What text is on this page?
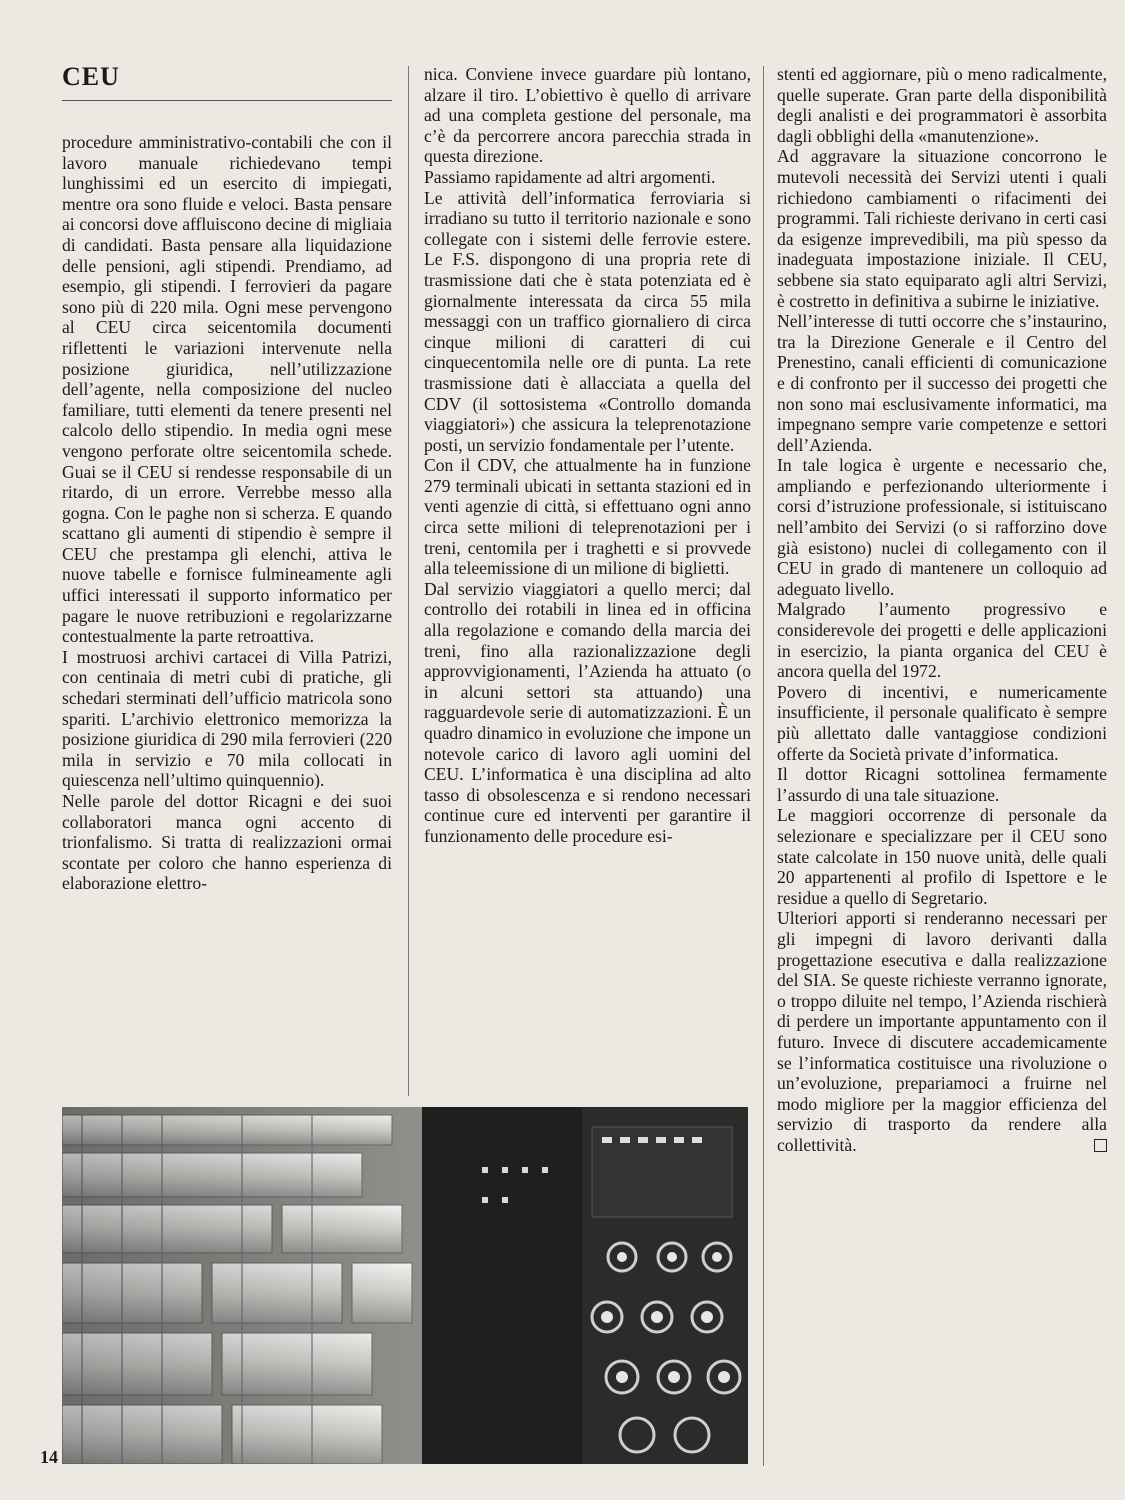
CEU

procedure amministrativo-contabili che con il lavoro manuale richiedevano tempi lunghissimi ed un esercito di impiegati, mentre ora sono fluide e veloci. Basta pensare ai concorsi dove affluiscono decine di migliaia di candidati. Basta pensare alla liquidazione delle pensioni, agli stipendi. Prendiamo, ad esempio, gli stipendi. I ferrovieri da pagare sono più di 220 mila. Ogni mese pervengono al CEU circa seicentomila documenti riflettenti le variazioni intervenute nella posizione giuridica, nell’utilizzazione dell’agente, nella composizione del nucleo familiare, tutti elementi da tenere presenti nel calcolo dello stipendio. In media ogni mese vengono perforate oltre seicentomila schede. Guai se il CEU si rendesse responsabile di un ritardo, di un errore. Verrebbe messo alla gogna. Con le paghe non si scherza. E quando scattano gli aumenti di stipendio è sempre il CEU che prestampa gli elenchi, attiva le nuove tabelle e fornisce fulmineamente agli uffici interessati il supporto informatico per pagare le nuove retribuzioni e regolarizzarne contestualmente la parte retroattiva.

I mostruosi archivi cartacei di Villa Patrizi, con centinaia di metri cubi di pratiche, gli schedari sterminati dell’ufficio matricola sono spariti. L’archivio elettronico memorizza la posizione giuridica di 290 mila ferrovieri (220 mila in servizio e 70 mila collocati in quiescenza nell’ultimo quinquennio).

Nelle parole del dottor Ricagni e dei suoi collaboratori manca ogni accento di trionfalismo. Si tratta di realizzazioni ormai scontate per coloro che hanno esperienza di elaborazione elettro-

nica. Conviene invece guardare più lontano, alzare il tiro. L’obiettivo è quello di arrivare ad una completa gestione del personale, ma c’è da percorrere ancora parecchia strada in questa direzione.

Passiamo rapidamente ad altri argomenti.

Le attività dell’informatica ferroviaria si irradiano su tutto il territorio nazionale e sono collegate con i sistemi delle ferrovie estere. Le F.S. dispongono di una propria rete di trasmissione dati che è stata potenziata ed è giornalmente interessata da circa 55 mila messaggi con un traffico giornaliero di circa cinque milioni di caratteri di cui cinquecentomila nelle ore di punta. La rete trasmissione dati è allacciata a quella del CDV (il sottosistema «Controllo domanda viaggiatori») che assicura la teleprenotazione posti, un servizio fondamentale per l’utente.

Con il CDV, che attualmente ha in funzione 279 terminali ubicati in settanta stazioni ed in venti agenzie di città, si effettuano ogni anno circa sette milioni di teleprenotazioni per i treni, centomila per i traghetti e si provvede alla teleemissione di un milione di biglietti.

Dal servizio viaggiatori a quello merci; dal controllo dei rotabili in linea ed in officina alla regolazione e comando della marcia dei treni, fino alla razionalizzazione degli approvvigionamenti, l’Azienda ha attuato (o in alcuni settori sta attuando) una ragguardevole serie di automatizzazioni. È un quadro dinamico in evoluzione che impone un notevole carico di lavoro agli uomini del CEU. L’informatica è una disciplina ad alto tasso di obsolescenza e si rendono necessari continue cure ed interventi per garantire il funzionamento delle procedure esi-

stenti ed aggiornare, più o meno radicalmente, quelle superate. Gran parte della disponibilità degli analisti e dei programmatori è assorbita dagli obblighi della «manutenzione».

Ad aggravare la situazione concorrono le mutevoli necessità dei Servizi utenti i quali richiedono cambiamenti o rifacimenti dei programmi. Tali richieste derivano in certi casi da esigenze imprevedibili, ma più spesso da inadeguata impostazione iniziale. Il CEU, sebbene sia stato equiparato agli altri Servizi, è costretto in definitiva a subirne le iniziative.

Nell’interesse di tutti occorre che s’instaurino, tra la Direzione Generale e il Centro del Prenestino, canali efficienti di comunicazione e di confronto per il successo dei progetti che non sono mai esclusivamente informatici, ma impegnano sempre varie competenze e settori dell’Azienda.

In tale logica è urgente e necessario che, ampliando e perfezionando ulteriormente i corsi d’istruzione professionale, si istituiscano nell’ambito dei Servizi (o si rafforzino dove già esistono) nuclei di collegamento con il CEU in grado di mantenere un colloquio ad adeguato livello.

Malgrado l’aumento progressivo e considerevole dei progetti e delle applicazioni in esercizio, la pianta organica del CEU è ancora quella del 1972.

Povero di incentivi, e numericamente insufficiente, il personale qualificato è sempre più allettato dalle vantaggiose condizioni offerte da Società private d’informatica.

Il dottor Ricagni sottolinea fermamente l’assurdo di una tale situazione.

Le maggiori occorrenze di personale da selezionare e specializzare per il CEU sono state calcolate in 150 nuove unità, delle quali 20 appartenenti al profilo di Ispettore e le residue a quello di Segretario.

Ulteriori apporti si renderanno necessari per gli impegni di lavoro derivanti dalla progettazione esecutiva e dalla realizzazione del SIA. Se queste richieste verranno ignorate, o troppo diluite nel tempo, l’Azienda rischierà di perdere un importante appuntamento con il futuro. Invece di discutere accademicamente se l’informatica costituisce una rivoluzione o un’evoluzione, prepariamoci a fruirne nel modo migliore per la maggior efficienza del servizio di trasporto da rendere alla collettività.

14
